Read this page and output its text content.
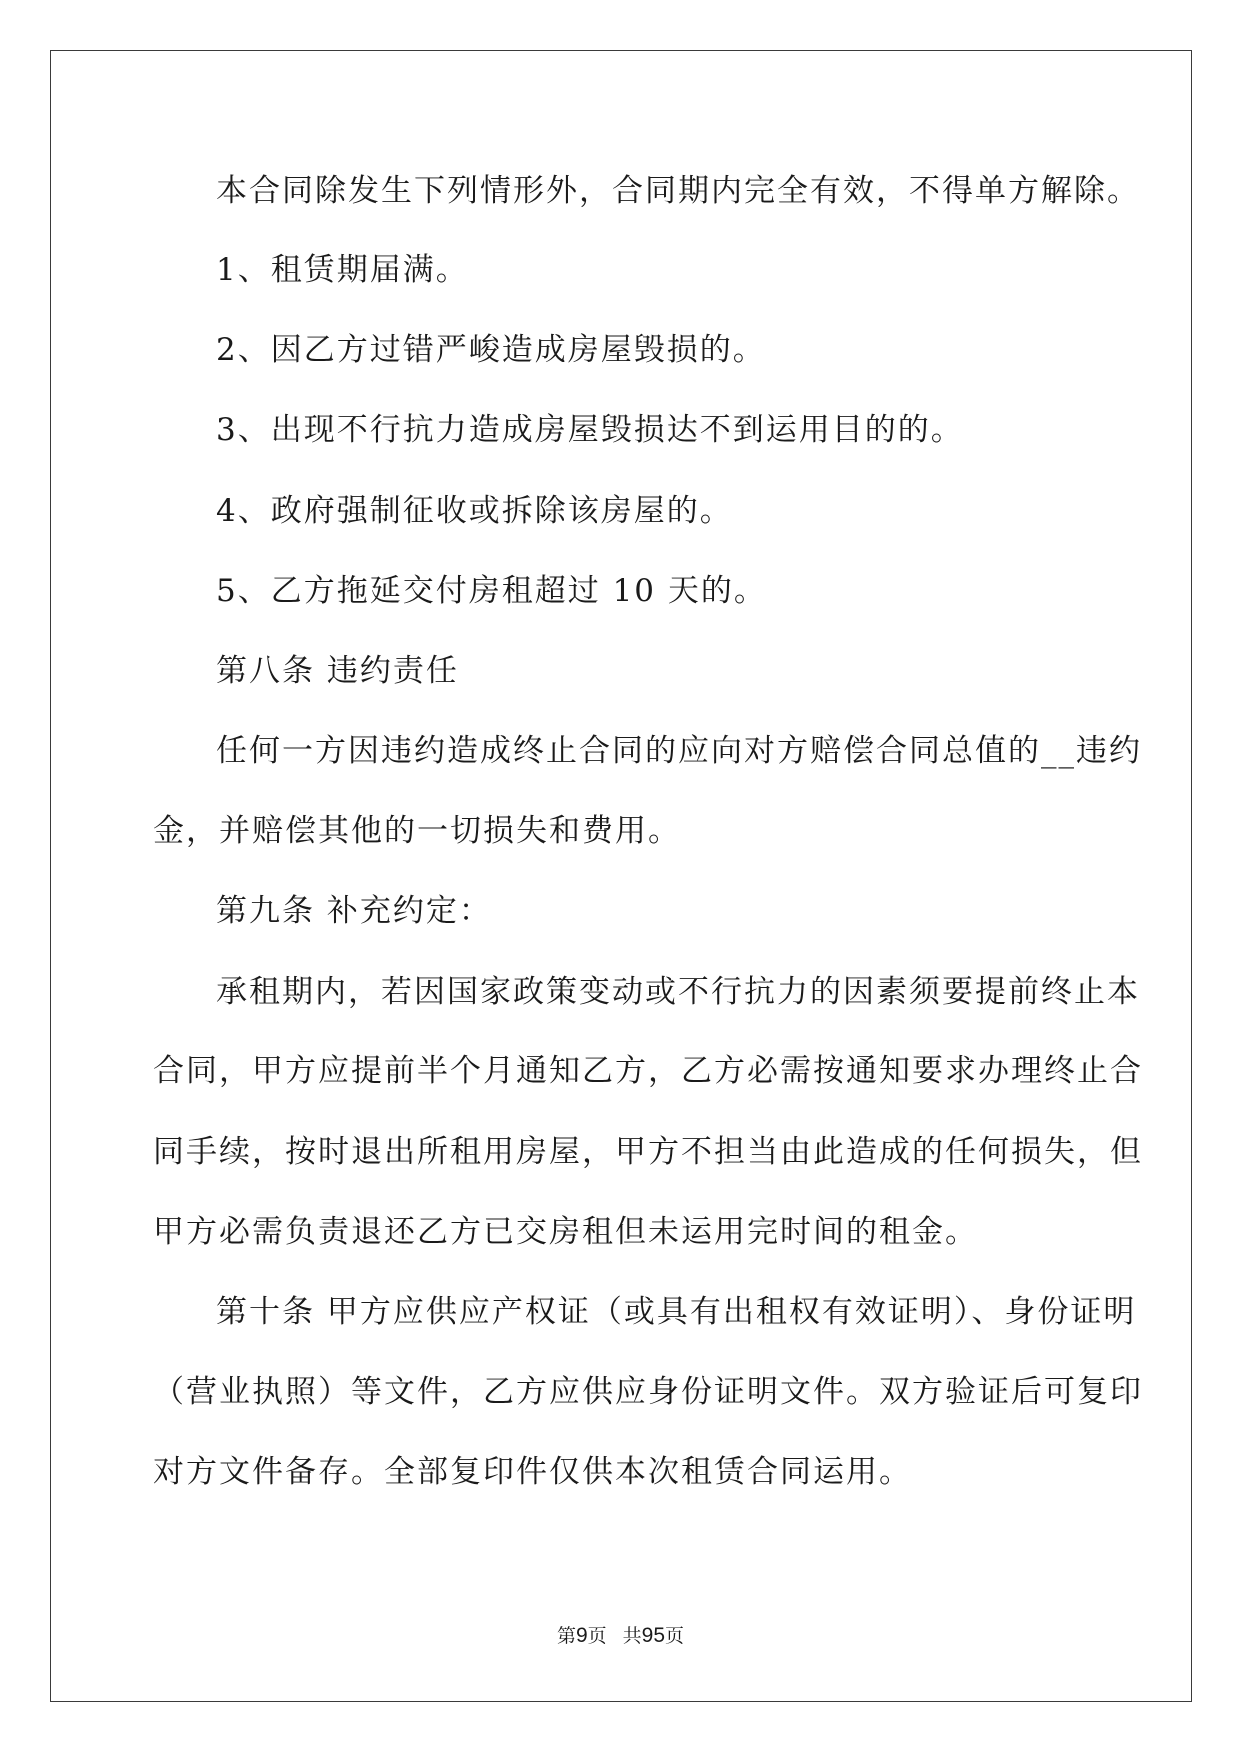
本合同除发生下列情形外，合同期内完全有效，不得单方解除。

1、租赁期届满。

2、因乙方过错严峻造成房屋毁损的。

3、出现不行抗力造成房屋毁损达不到运用目的的。

4、政府强制征收或拆除该房屋的。

5、乙方拖延交付房租超过 10 天的。

第八条 违约责任

任何一方因违约造成终止合同的应向对方赔偿合同总值的__违约

金，并赔偿其他的一切损失和费用。

第九条 补充约定：

承租期内，若因国家政策变动或不行抗力的因素须要提前终止本

合同，甲方应提前半个月通知乙方，乙方必需按通知要求办理终止合

同手续，按时退出所租用房屋，甲方不担当由此造成的任何损失，但

甲方必需负责退还乙方已交房租但未运用完时间的租金。

第十条 甲方应供应产权证（或具有出租权有效证明）、身份证明

（营业执照）等文件，乙方应供应身份证明文件。双方验证后可复印

对方文件备存。全部复印件仅供本次租赁合同运用。

第9页 共95页
